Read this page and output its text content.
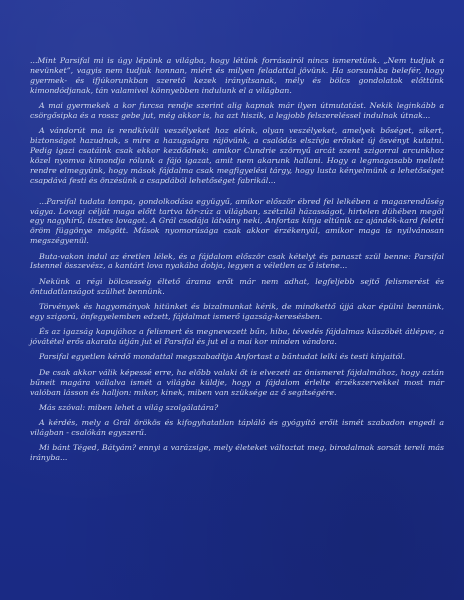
...Mint Parsifal mi is úgy lépünk a világba, hogy létünk forrásairól nincs ismeretünk. „Nem tudjuk a nevünket”, vagyis nem tudjuk honnan, miért és milyen feladattal jövünk. Ha sorsunkba belefér, hogy gyermek- és ifjúkorunkban szerető kezek irányítsanak, mély és bölcs gondolatok előttünk kimondódjanak, tán valamivel könnyebben indulunk el a világban.

A mai gyermekek a kor furcsa rendje szerint alig kapnak már ilyen útmutatást. Nekik leginkább a csörgősipka és a rossz gebe jut, még akkor is, ha azt hiszik, a legjobb felszereléssel indulnak útnak...

A vándorút ma is rendkívüli veszélyeket hoz elénk, olyan veszélyeket, amelyek bőséget, sikert, biztonságot hazudnak, s mire a hazugságra rájövünk, a csalódás elszívja erőnket új ösvényt kutatni. Pedig igazi csatáink csak ekkor kezdődnek: amikor Cundrie szörnyű arcát szent szigorral arcunkhoz közel nyomva kimondja rólunk a fájó igazat, amit nem akarunk hallani. Hogy a legmagasabb mellett rendre elmegyünk, hogy mások fájdalma csak megfigyelési tárgy, hogy lusta kényelmünk a lehetőséget csapdává festi és önzésünk a csapdából lehetőséget fabrikál...

...Parsifal tudata tompa, gondolkodása együgyű, amikor először ébred fel lelkében a magasrendűség vágya. Lovagi célját maga előtt tartva tör-zúz a világban, szétzilál házasságot, hirtelen dühében megöl egy nagyhírű, tisztes lovagot. A Grál csodája látvány neki, Anfortas kínja eltűnik az ajándék-kard feletti öröm függönye mögött. Mások nyomorúsága csak akkor érzékenyül, amikor maga is nyilvánosan megszégyenül.

Buta-vakon indul az éretlen lélek, és a fájdalom először csak kételyt és panaszt szül benne: Parsifal Istennel összevész, a kantárt lova nyakába dobja, legyen a véletlen az ő istene...

Nekünk a régi bölcsesség éltető árama erőt már nem adhat, legfeljebb sejtő felismerést és öntudatlanságot szülhet bennünk.

Törvények és hagyományok hitünket és bizalmunkat kérik, de mindkettő újjá akar épülni bennünk, egy szigorú, önfegyelemben edzett, fájdalmat ismerő igazság-keresésben.

És az igazság kapujához a felismert és megnevezett bűn, hiba, tévedés fájdalmas küszöbét átlépve, a jóvátétel erős akarata útján jut el Parsifal és jut el a mai kor minden vándora.

Parsifal egyetlen kérdő mondattal megszabadítja Anfortast a bűntudat lelki és testi kínjaitól.

De csak akkor válik képessé erre, ha előbb valaki őt is elvezeti az önismeret fájdalmához, hogy aztán bűneit magára vállalva ismét a világba küldje, hogy a fájdalom érlelte érzékszervekkel most már valóban lásson és halljon: mikor, kinek, miben van szüksége az ő segítségére.

Más szóval: miben lehet a világ szolgálatára?

A kérdés, mely a Grál örökös és kifogyhatatlan tápláló és gyógyító erőit ismét szabadon engedi a világban - csalókán egyszerű.

Mi bánt Téged, Bátyám? ennyi a varázsige, mely életeket változtat meg, birodalmak sorsát tereli más irányba...
